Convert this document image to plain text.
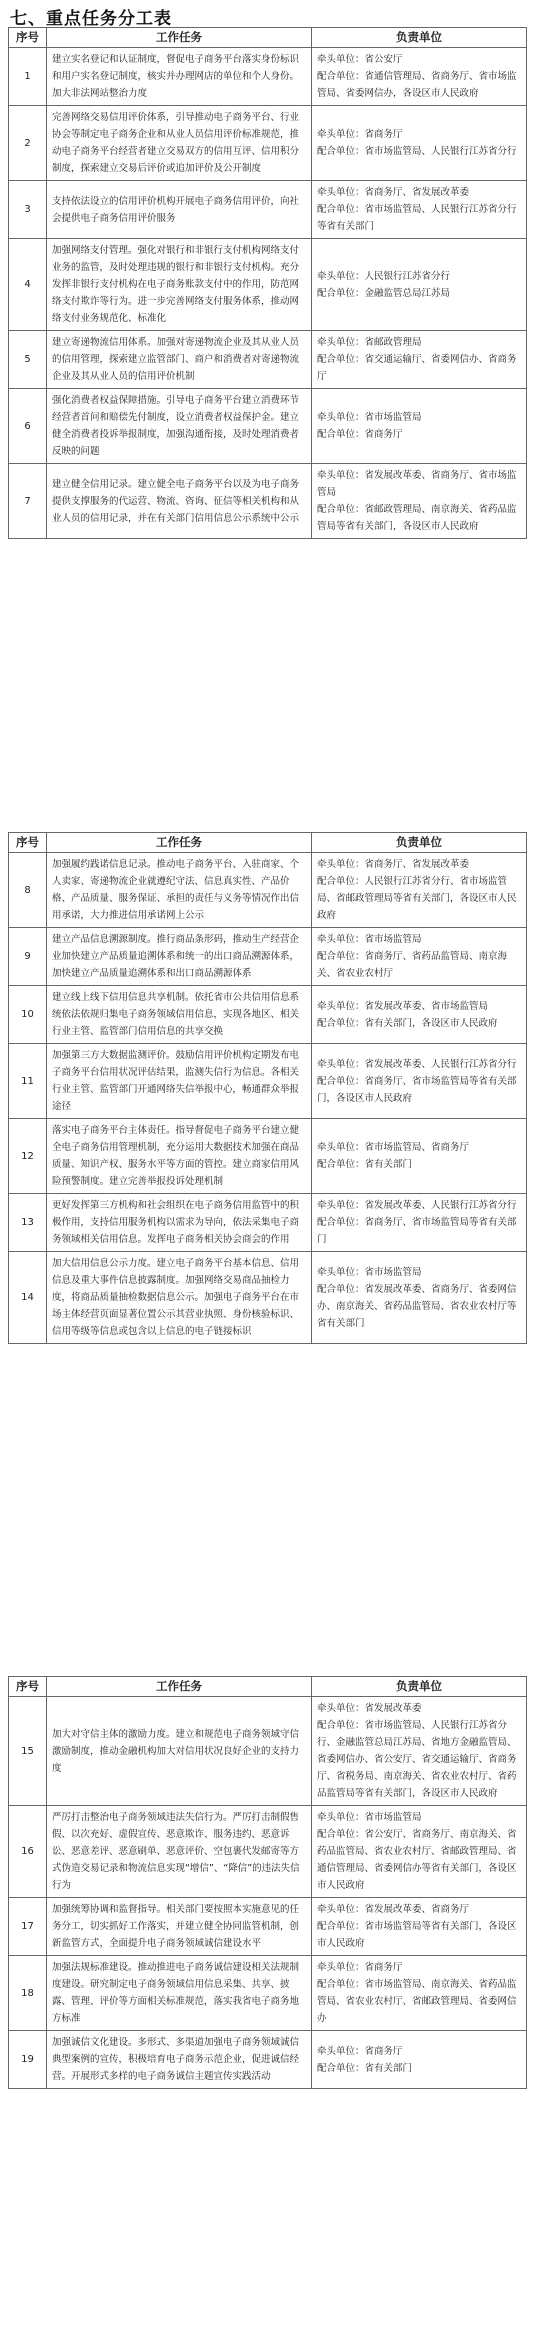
七、重点任务分工表
序号	工作任务	负责单位
1	建立实名登记和认证制度，督促电子商务平台落实身份标识和用户实名登记制度，核实并办理网店的单位和个人身份。加大非法网站整治力度	牵头单位：省公安厅
配合单位：省通信管理局、省商务厅、省市场监管局、省委网信办，各设区市人民政府

2	完善网络交易信用评价体系，引导推动电子商务平台、行业协会等制定电子商务企业和从业人员信用评价标准规范，推动电子商务平台经营者建立交易双方的信用互评、信用积分制度，探索建立交易后评价或追加评价及公开制度	牵头单位：省商务厅
配合单位：省市场监管局、人民银行江苏省分行

3	支持依法设立的信用评价机构开展电子商务信用评价，向社会提供电子商务信用评价服务	牵头单位：省商务厅、省发展改革委
配合单位：省市场监管局、人民银行江苏省分行等省有关部门

4	加强网络支付管理。强化对银行和非银行支付机构网络支付业务的监管，及时处理违规的银行和非银行支付机构。充分发挥非银行支付机构在电子商务账款支付中的作用，防范网络支付欺诈等行为。进一步完善网络支付服务体系，推动网络支付业务规范化、标准化	牵头单位：人民银行江苏省分行
配合单位：金融监管总局江苏局

5	建立寄递物流信用体系。加强对寄递物流企业及其从业人员的信用管理，探索建立监管部门、商户和消费者对寄递物流企业及其从业人员的信用评价机制	牵头单位：省邮政管理局
配合单位：省交通运输厅、省委网信办、省商务厅

6	强化消费者权益保障措施。引导电子商务平台建立消费环节经营者首问和赔偿先付制度，设立消费者权益保护金。建立健全消费者投诉举报制度，加强沟通衔接，及时处理消费者反映的问题	牵头单位：省市场监管局
配合单位：省商务厅

7	建立健全信用记录。建立健全电子商务平台以及为电子商务提供支撑服务的代运营、物流、咨询、征信等相关机构和从业人员的信用记录，并在有关部门信用信息公示系统中公示	牵头单位：省发展改革委、省商务厅、省市场监管局
配合单位：省邮政管理局、南京海关、省药品监管局等省有关部门，各设区市人民政府
序号	工作任务	负责单位
8	加强履约践诺信息记录。推动电子商务平台、入驻商家、个人卖家、寄递物流企业就遵纪守法、信息真实性、产品价格、产品质量、服务保证、承担的责任与义务等情况作出信用承诺，大力推进信用承诺网上公示	牵头单位：省商务厅、省发展改革委
配合单位：人民银行江苏省分行、省市场监管局、省邮政管理局等省有关部门，各设区市人民政府

9	建立产品信息溯源制度。推行商品条形码，推动生产经营企业加快建立产品质量追溯体系和统一的出口商品溯源体系，加快建立产品质量追溯体系和出口商品溯源体系	牵头单位：省市场监管局
配合单位：省商务厅、省药品监管局、南京海关、省农业农村厅

10	建立线上线下信用信息共享机制。依托省市公共信用信息系统依法依规归集电子商务领域信用信息，实现各地区、相关行业主管、监管部门信用信息的共享交换	牵头单位：省发展改革委、省市场监管局
配合单位：省有关部门，各设区市人民政府

11	加强第三方大数据监测评价。鼓励信用评价机构定期发布电子商务平台信用状况评估结果，监测失信行为信息。各相关行业主管、监管部门开通网络失信举报中心，畅通群众举报途径	牵头单位：省发展改革委、人民银行江苏省分行
配合单位：省商务厅、省市场监管局等省有关部门，各设区市人民政府

12	落实电子商务平台主体责任。指导督促电子商务平台建立健全电子商务信用管理机制，充分运用大数据技术加强在商品质量、知识产权、服务水平等方面的管控。建立商家信用风险预警制度。建立完善举报投诉处理机制	牵头单位：省市场监管局、省商务厅
配合单位：省有关部门

13	更好发挥第三方机构和社会组织在电子商务信用监管中的积极作用，支持信用服务机构以需求为导向，依法采集电子商务领域相关信用信息。发挥电子商务相关协会商会的作用	牵头单位：省发展改革委、人民银行江苏省分行
配合单位：省商务厅、省市场监管局等省有关部门

14	加大信用信息公示力度。建立电子商务平台基本信息、信用信息及重大事件信息披露制度。加强网络交易商品抽检力度，将商品质量抽检数据信息公示。加强电子商务平台在市场主体经营页面显著位置公示其营业执照、身份核验标识、信用等级等信息或包含以上信息的电子链接标识	牵头单位：省市场监管局
配合单位：省发展改革委、省商务厅、省委网信办、南京海关、省药品监管局、省农业农村厅等省有关部门
序号	工作任务	负责单位
15	加大对守信主体的激励力度。建立和规范电子商务领域守信激励制度，推动金融机构加大对信用状况良好企业的支持力度	牵头单位：省发展改革委
配合单位：省市场监管局、人民银行江苏省分行、金融监管总局江苏局、省地方金融监管局、省委网信办、省公安厅、省交通运输厅、省商务厅、省税务局、南京海关、省农业农村厅、省药品监管局等省有关部门，各设区市人民政府

16	严厉打击整治电子商务领域违法失信行为。严厉打击制假售假、以次充好、虚假宣传、恶意欺诈、服务违约、恶意诉讼、恶意差评、恶意刷单、恶意评价、空包裹代发邮寄等方式伪造交易记录和物流信息实现“增信”、“降信”的违法失信行为	牵头单位：省市场监管局
配合单位：省公安厅、省商务厅、南京海关、省药品监管局、省农业农村厅、省邮政管理局、省通信管理局、省委网信办等省有关部门，各设区市人民政府

17	加强统筹协调和监督指导。相关部门要按照本实施意见的任务分工，切实抓好工作落实，并建立健全协同监管机制，创新监管方式，全面提升电子商务领域诚信建设水平	牵头单位：省发展改革委、省商务厅
配合单位：省市场监管局等省有关部门，各设区市人民政府

18	加强法规标准建设。推动推进电子商务诚信建设相关法规制度建设。研究制定电子商务领域信用信息采集、共享、披露、管理、评价等方面相关标准规范，落实我省电子商务地方标准	牵头单位：省商务厅
配合单位：省市场监管局、南京海关、省药品监管局、省农业农村厅、省邮政管理局、省委网信办

19	加强诚信文化建设。多形式、多渠道加强电子商务领域诚信典型案例的宣传，积极培育电子商务示范企业，促进诚信经营。开展形式多样的电子商务诚信主题宣传实践活动	牵头单位：省商务厅
配合单位：省有关部门
